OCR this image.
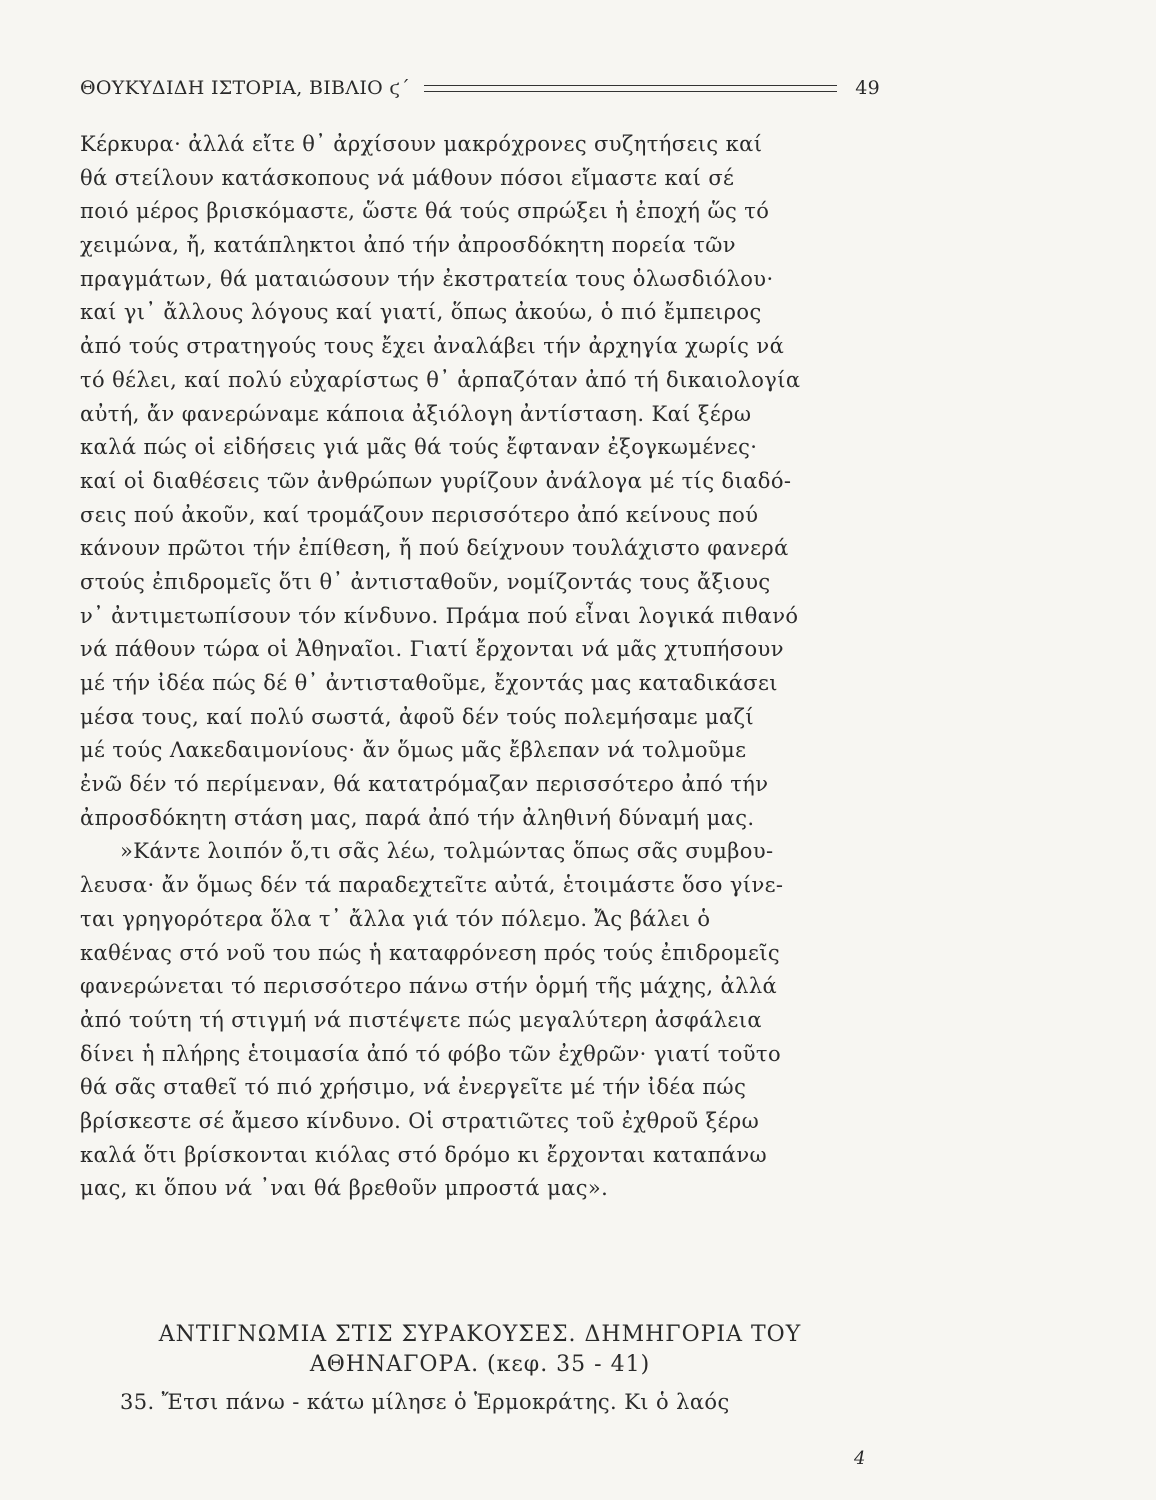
ΘΟΥΚΥΔΙΔΗ ΙΣΤΟΡΙΑ, ΒΙΒΛΙΟ ϛ΄	49
Κέρκυρα· ἀλλά εἴτε θ᾿ ἀρχίσουν μακρόχρονες συζητήσεις καί
θά στείλουν κατάσκοπους νά μάθουν πόσοι εἴμαστε καί σέ
ποιό μέρος βρισκόμαστε, ὥστε θά τούς σπρώξει ἡ ἐποχή ὥς τό
χειμώνα, ἤ, κατάπληκτοι ἀπό τήν ἀπροσδόκητη πορεία τῶν
πραγμάτων, θά ματαιώσουν τήν ἐκστρατεία τους ὁλωσδιόλου·
καί γι᾿ ἄλλους λόγους καί γιατί, ὅπως ἀκούω, ὁ πιό ἔμπειρος
ἀπό τούς στρατηγούς τους ἔχει ἀναλάβει τήν ἀρχηγία χωρίς νά
τό θέλει, καί πολύ εὐχαρίστως θ᾿ ἁρπαζόταν ἀπό τή δικαιολογία
αὐτή, ἄν φανερώναμε κάποια ἀξιόλογη ἀντίσταση. Καί ξέρω
καλά πώς οἱ εἰδήσεις γιά μᾶς θά τούς ἔφταναν ἐξογκωμένες·
καί οἱ διαθέσεις τῶν ἀνθρώπων γυρίζουν ἀνάλογα μέ τίς διαδό-
σεις πού ἀκοῦν, καί τρομάζουν περισσότερο ἀπό κείνους πού
κάνουν πρῶτοι τήν ἐπίθεση, ἤ πού δείχνουν τουλάχιστο φανερά
στούς ἐπιδρομεῖς ὅτι θ᾿ ἀντισταθοῦν, νομίζοντάς τους ἄξιους
ν᾿ ἀντιμετωπίσουν τόν κίνδυνο. Πράμα πού εἶναι λογικά πιθανό
νά πάθουν τώρα οἱ Ἀθηναῖοι. Γιατί ἔρχονται νά μᾶς χτυπήσουν
μέ τήν ἰδέα πώς δέ θ᾿ ἀντισταθοῦμε, ἔχοντάς μας καταδικάσει
μέσα τους, καί πολύ σωστά, ἀφοῦ δέν τούς πολεμήσαμε μαζί
μέ τούς Λακεδαιμονίους· ἄν ὅμως μᾶς ἔβλεπαν νά τολμοῦμε
ἐνῶ δέν τό περίμεναν, θά κατατρόμαζαν περισσότερο ἀπό τήν
ἀπροσδόκητη στάση μας, παρά ἀπό τήν ἀληθινή δύναμή μας.
»Κάντε λοιπόν ὅ,τι σᾶς λέω, τολμώντας ὅπως σᾶς συμβου-
λευσα· ἄν ὅμως δέν τά παραδεχτεῖτε αὐτά, ἑτοιμάστε ὅσο γίνε-
ται γρηγορότερα ὅλα τ᾿ ἄλλα γιά τόν πόλεμο. Ἄς βάλει ὁ
καθένας στό νοῦ του πώς ἡ καταφρόνεση πρός τούς ἐπιδρομεῖς
φανερώνεται τό περισσότερο πάνω στήν ὁρμή τῆς μάχης, ἀλλά
ἀπό τούτη τή στιγμή νά πιστέψετε πώς μεγαλύτερη ἀσφάλεια
δίνει ἡ πλήρης ἑτοιμασία ἀπό τό φόβο τῶν ἐχθρῶν· γιατί τοῦτο
θά σᾶς σταθεῖ τό πιό χρήσιμο, νά ἐνεργεῖτε μέ τήν ἰδέα πώς
βρίσκεστε σέ ἄμεσο κίνδυνο. Οἱ στρατιῶτες τοῦ ἐχθροῦ ξέρω
καλά ὅτι βρίσκονται κιόλας στό δρόμο κι ἔρχονται καταπάνω
μας, κι ὅπου νά ᾿ναι θά βρεθοῦν μπροστά μας».
ΑΝΤΙΓΝΩΜΙΑ ΣΤΙΣ ΣΥΡΑΚΟΥΣΕΣ. ΔΗΜΗΓΟΡΙΑ ΤΟΥ
ΑΘΗΝΑΓΟΡΑ. (κεφ. 35 - 41)
35. Ἔτσι πάνω - κάτω μίλησε ὁ Ἑρμοκράτης. Κι ὁ λαός
4
